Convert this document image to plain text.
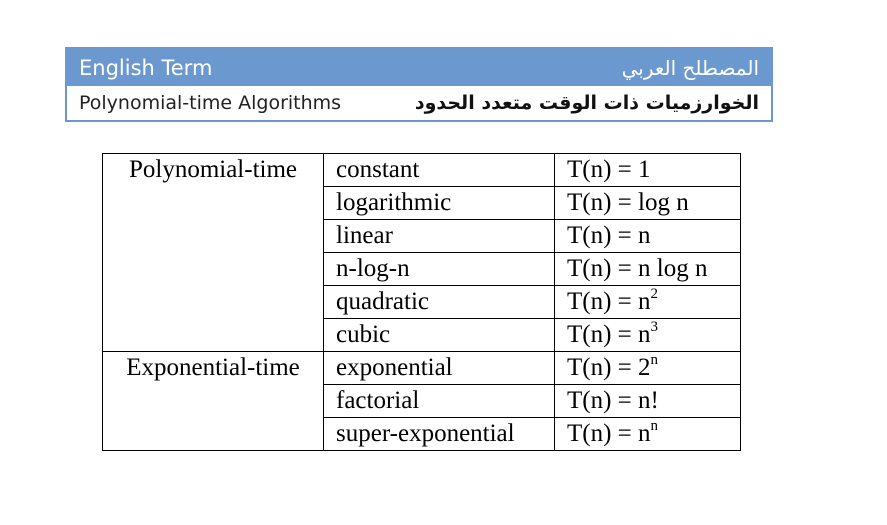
English Term	المصطلح العربي
Polynomial-time Algorithms	الخوارزميات ذات الوقت متعدد الحدود
Polynomial-time	constant	T(n) = 1
	logarithmic	T(n) = log n
	linear	T(n) = n
	n-log-n	T(n) = n log n
	quadratic	$T(n) = n^2$
	cubic	$T(n) = n^3$
Exponential-time	exponential	$T(n) = 2^n$
	factorial	T(n) = n!
	super-exponential	$T(n) = n^n$
